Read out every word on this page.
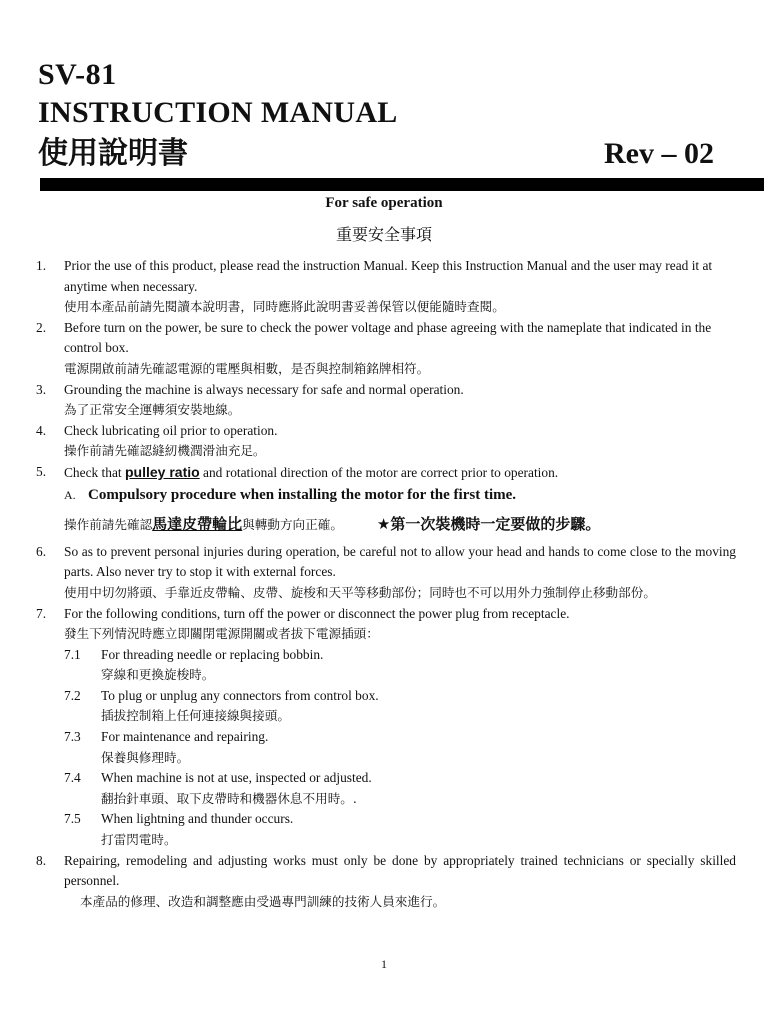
SV-81
INSTRUCTION MANUAL
使用說明書	Rev – 02
For safe operation
重要安全事項
1.	Prior the use of this product, please read the instruction Manual. Keep this Instruction Manual and the user may read it at anytime when necessary.
使用本產品前請先閱讀本說明書，同時應將此說明書妥善保管以便能隨時查閱。
2.	Before turn on the power, be sure to check the power voltage and phase agreeing with the nameplate that indicated in the control box.
電源開啟前請先確認電源的電壓與相數，是否與控制箱銘牌相符。
3.	Grounding the machine is always necessary for safe and normal operation.
為了正常安全運轉須安裝地線。
4.	Check lubricating oil prior to operation.
操作前請先確認縫紉機潤滑油充足。
5.	Check that pulley ratio and rotational direction of the motor are correct prior to operation.
A. Compulsory procedure when installing the motor for the first time.
操作前請先確認馬達皮帶輪比與轉動方向正確。 ★第一次裝機時一定要做的步驟。
6.	So as to prevent personal injuries during operation, be careful not to allow your head and hands to come close to the moving parts. Also never try to stop it with external forces.
使用中切勿將頭、手靠近皮帶輪、皮帶、旋梭和天平等移動部份；同時也不可以用外力強制停止移動部份。
7.	For the following conditions, turn off the power or disconnect the power plug from receptacle.
發生下列情況時應立即關閉電源開關或者拔下電源插頭：
7.1	For threading needle or replacing bobbin.
穿線和更換旋梭時。
7.2	To plug or unplug any connectors from control box.
插拔控制箱上任何連接線與接頭。
7.3	For maintenance and repairing.
保養與修理時。
7.4	When machine is not at use, inspected or adjusted.
翻抬針車頭、取下皮帶時和機器休息不用時。.
7.5	When lightning and thunder occurs.
打雷閃電時。
8.	Repairing, remodeling and adjusting works must only be done by appropriately trained technicians or specially skilled personnel.
本產品的修理、改造和調整應由受過專門訓練的技術人員來進行。
1
